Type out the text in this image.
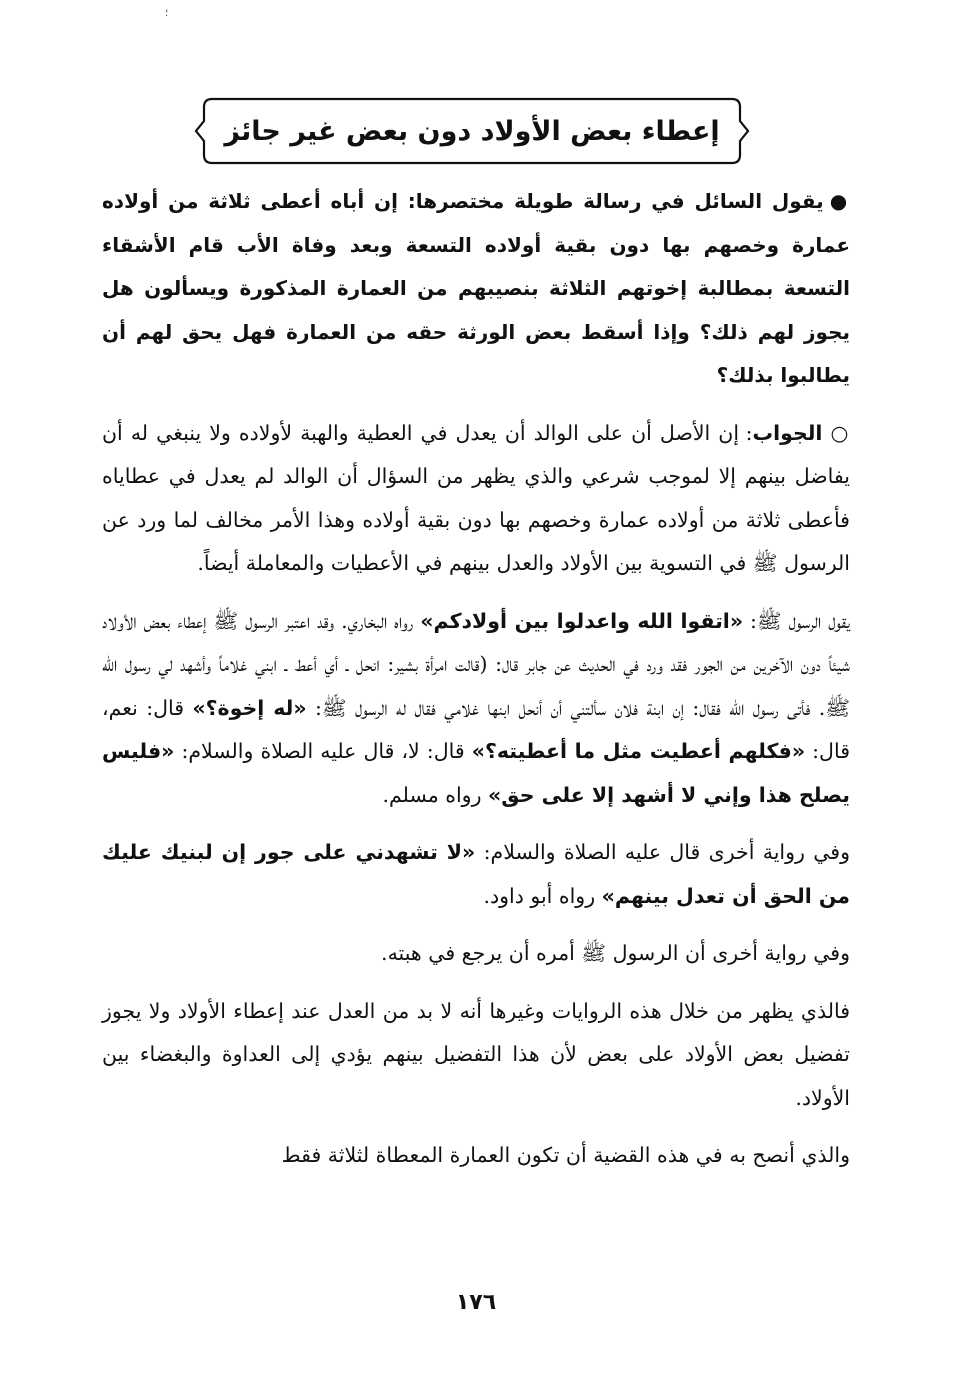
؛
إعطاء بعض الأولاد دون بعض غير جائز

●يقول السائل في رسالة طويلة مختصرها: إن أباه أعطى ثلاثة من أولاده عمارة وخصهم بها دون بقية أولاده التسعة وبعد وفاة الأب قام الأشقاء التسعة بمطالبة إخوتهم الثلاثة بنصيبهم من العمارة المذكورة ويسألون هل يجوز لهم ذلك؟ وإذا أسقط بعض الورثة حقه من العمارة فهل يحق لهم أن يطالبوا بذلك؟

○ الجواب: إن الأصل أن على الوالد أن يعدل في العطية والهبة لأولاده ولا ينبغي له أن يفاضل بينهم إلا لموجب شرعي والذي يظهر من السؤال أن الوالد لم يعدل في عطاياه فأعطى ثلاثة من أولاده عمارة وخصهم بها دون بقية أولاده وهذا الأمر مخالف لما ورد عن الرسول ﷺ في التسوية بين الأولاد والعدل بينهم في الأعطيات والمعاملة أيضاً.

يقول الرسول ﷺ: «اتقوا الله واعدلوا بين أولادكم» رواه البخاري. وقد اعتبر الرسول ﷺ إعطاء بعض الأولاد شيئاً دون الآخرين من الجور فقد ورد في الحديث عن جابر قال: (قالت امرأة بشير: انحل ـ أي أعط ـ ابني غلاماً وأشهد لي رسول الله ﷺ. فأتى رسول الله فقال: إن ابنة فلان سألتني أن أنحل ابنها غلامي فقال له الرسول ﷺ: «له إخوة؟» قال: نعم، قال: «فكلهم أعطيت مثل ما أعطيته؟» قال: لا، قال عليه الصلاة والسلام: «فليس يصلح هذا وإني لا أشهد إلا على حق» رواه مسلم.

وفي رواية أخرى قال عليه الصلاة والسلام: «لا تشهدني على جور إن لبنيك عليك من الحق أن تعدل بينهم» رواه أبو داود.

وفي رواية أخرى أن الرسول ﷺ أمره أن يرجع في هبته.

فالذي يظهر من خلال هذه الروايات وغيرها أنه لا بد من العدل عند إعطاء الأولاد ولا يجوز تفضيل بعض الأولاد على بعض لأن هذا التفضيل بينهم يؤدي إلى العداوة والبغضاء بين الأولاد.

والذي أنصح به في هذه القضية أن تكون العمارة المعطاة لثلاثة فقط

١٧٦
